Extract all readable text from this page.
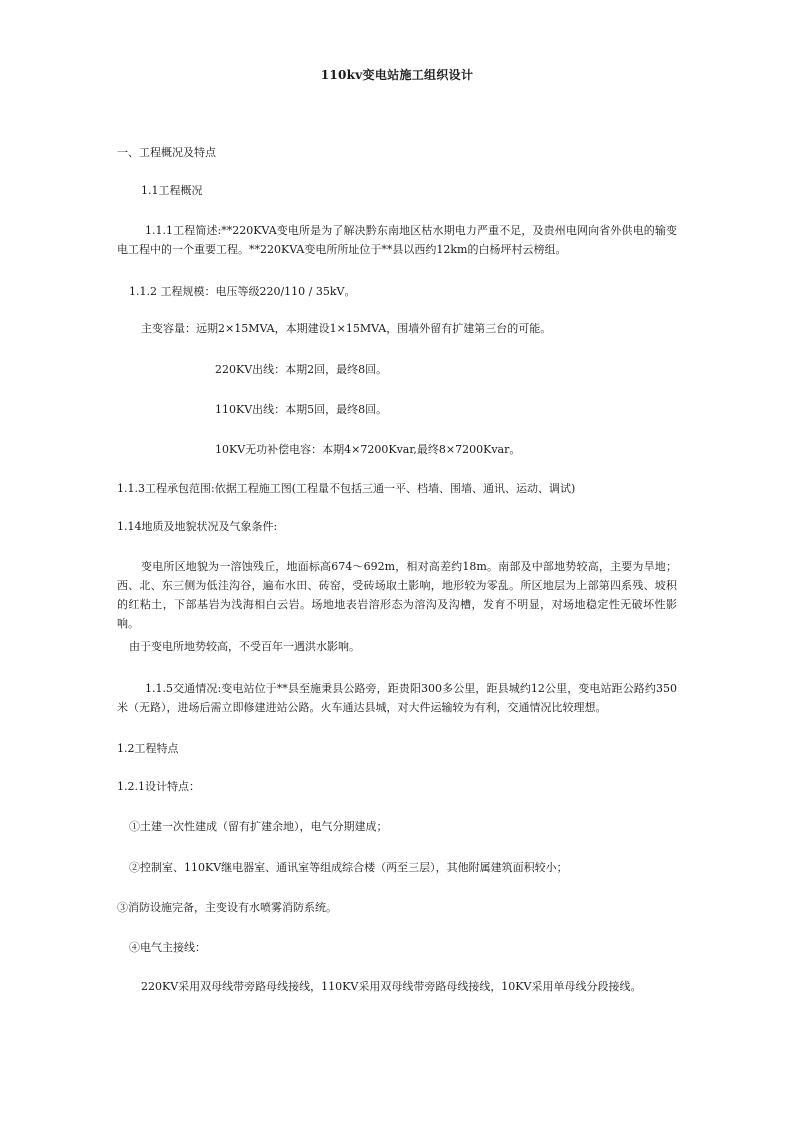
110kv变电站施工组织设计
一、工程概况及特点
1.1工程概况
1.1.1工程简述:**220KVA变电所是为了解决黔东南地区枯水期电力严重不足，及贵州电网向省外供电的输变电工程中的一个重要工程。**220KVA变电所所址位于**县以西约12km的白杨坪村云榜组。
1.1.2 工程规模：电压等级220/110 / 35kV。
主变容量：远期2×15MVA，本期建设1×15MVA，围墙外留有扩建第三台的可能。
220KV出线：本期2回，最终8回。
110KV出线：本期5回，最终8回。
10KV无功补偿电容：本期4×7200Kvar,最终8×7200Kvar。
1.1.3工程承包范围:依据工程施工图(工程量不包括三通一平、档墙、围墙、通讯、运动、调试)
1.14地质及地貌状况及气象条件:
变电所区地貌为一溶蚀残丘，地面标高674～692m，相对高差约18m。南部及中部地势较高，主要为旱地；西、北、东三侧为低洼沟谷，遍布水田、砖窑，受砖场取土影响，地形较为零乱。所区地层为上部第四系残、坡积的红粘土，下部基岩为浅海相白云岩。场地地表岩溶形态为溶沟及沟槽，发育不明显，对场地稳定性无破坏性影响。
由于变电所地势较高，不受百年一遇洪水影响。
1.1.5交通情况:变电站位于**县至施秉县公路旁，距贵阳300多公里，距县城约12公里，变电站距公路约350米（无路），进场后需立即修建进站公路。火车通达县城，对大件运输较为有利，交通情况比较理想。
1.2工程特点
1.2.1设计特点：
①土建一次性建成（留有扩建余地），电气分期建成；
②控制室、110KV继电器室、通讯室等组成综合楼（两至三层），其他附属建筑面积较小；
③消防设施完备，主变设有水喷雾消防系统。
④电气主接线：
220KV采用双母线带旁路母线接线，110KV采用双母线带旁路母线接线，10KV采用单母线分段接线。
